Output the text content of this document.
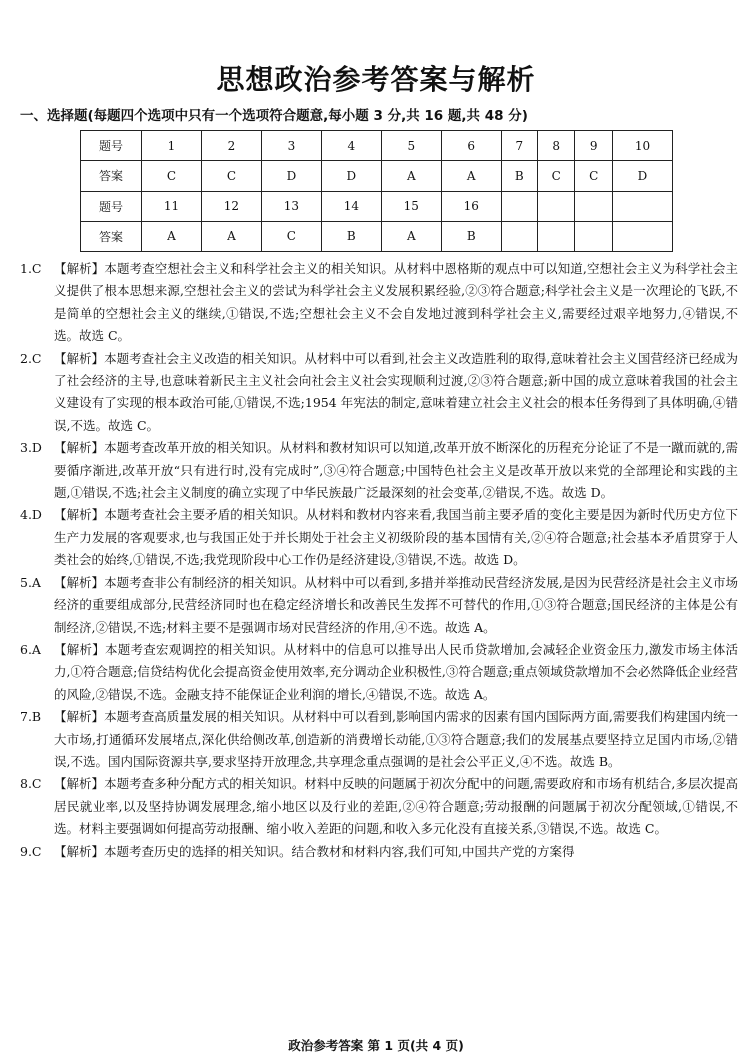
思想政治参考答案与解析
一、选择题(每题四个选项中只有一个选项符合题意,每小题 3 分,共 16 题,共 48 分)
题号	1	2	3	4	5	6	7	8	9	10
答案	C	C	D	D	A	A	B	C	C	D
题号	11	12	13	14	15	16				
答案	A	A	C	B	A	B				
1.C	【解析】本题考查空想社会主义和科学社会主义的相关知识。从材料中恩格斯的观点中可以知道,空想社会主义为科学社会主义提供了根本思想来源,空想社会主义的尝试为科学社会主义发展积累经验,②③符合题意;科学社会主义是一次理论的飞跃,不是简单的空想社会主义的继续,①错误,不选;空想社会主义不会自发地过渡到科学社会主义,需要经过艰辛地努力,④错误,不选。故选 C。
2.C	【解析】本题考查社会主义改造的相关知识。从材料中可以看到,社会主义改造胜利的取得,意味着社会主义国营经济已经成为了社会经济的主导,也意味着新民主主义社会向社会主义社会实现顺利过渡,②③符合题意;新中国的成立意味着我国的社会主义建设有了实现的根本政治可能,①错误,不选;1954 年宪法的制定,意味着建立社会主义社会的根本任务得到了具体明确,④错误,不选。故选 C。
3.D 【解析】本题考查改革开放的相关知识。从材料和教材知识可以知道,改革开放不断深化的历程充分论证了不是一蹴而就的,需要循序渐进,改革开放“只有进行时,没有完成时”,③④符合题意;中国特色社会主义是改革开放以来党的全部理论和实践的主题,①错误,不选;社会主义制度的确立实现了中华民族最广泛最深刻的社会变革,②错误,不选。故选 D。
4.D 【解析】本题考查社会主要矛盾的相关知识。从材料和教材内容来看,我国当前主要矛盾的变化主要是因为新时代历史方位下生产力发展的客观要求,也与我国正处于并长期处于社会主义初级阶段的基本国情有关,②④符合题意;社会基本矛盾贯穿于人类社会的始终,①错误,不选;我党现阶段中心工作仍是经济建设,③错误,不选。故选 D。
5.A	【解析】本题考查非公有制经济的相关知识。从材料中可以看到,多措并举推动民营经济发展,是因为民营经济是社会主义市场经济的重要组成部分,民营经济同时也在稳定经济增长和改善民生发挥不可替代的作用,①③符合题意;国民经济的主体是公有制经济,②错误,不选;材料主要不是强调市场对民营经济的作用,④不选。故选 A。
6.A	【解析】本题考查宏观调控的相关知识。从材料中的信息可以推导出人民币贷款增加,会减轻企业资金压力,激发市场主体活力,①符合题意;信贷结构优化会提高资金使用效率,充分调动企业积极性,③符合题意;重点领域贷款增加不会必然降低企业经营的风险,②错误,不选。金融支持不能保证企业利润的增长,④错误,不选。故选 A。
7.B	【解析】本题考查高质量发展的相关知识。从材料中可以看到,影响国内需求的因素有国内国际两方面,需要我们构建国内统一大市场,打通循环发展堵点,深化供给侧改革,创造新的消费增长动能,①③符合题意;我们的发展基点要坚持立足国内市场,②错误,不选。国内国际资源共享,要求坚持开放理念,共享理念重点强调的是社会公平正义,④不选。故选 B。
8.C	【解析】本题考查多种分配方式的相关知识。材料中反映的问题属于初次分配中的问题,需要政府和市场有机结合,多层次提高居民就业率,以及坚持协调发展理念,缩小地区以及行业的差距,②④符合题意;劳动报酬的问题属于初次分配领域,①错误,不选。材料主要强调如何提高劳动报酬、缩小收入差距的问题,和收入多元化没有直接关系,③错误,不选。故选 C。
9.C	【解析】本题考查历史的选择的相关知识。结合教材和材料内容,我们可知,中国共产党的方案得
政治参考答案 第 1 页(共 4 页)
